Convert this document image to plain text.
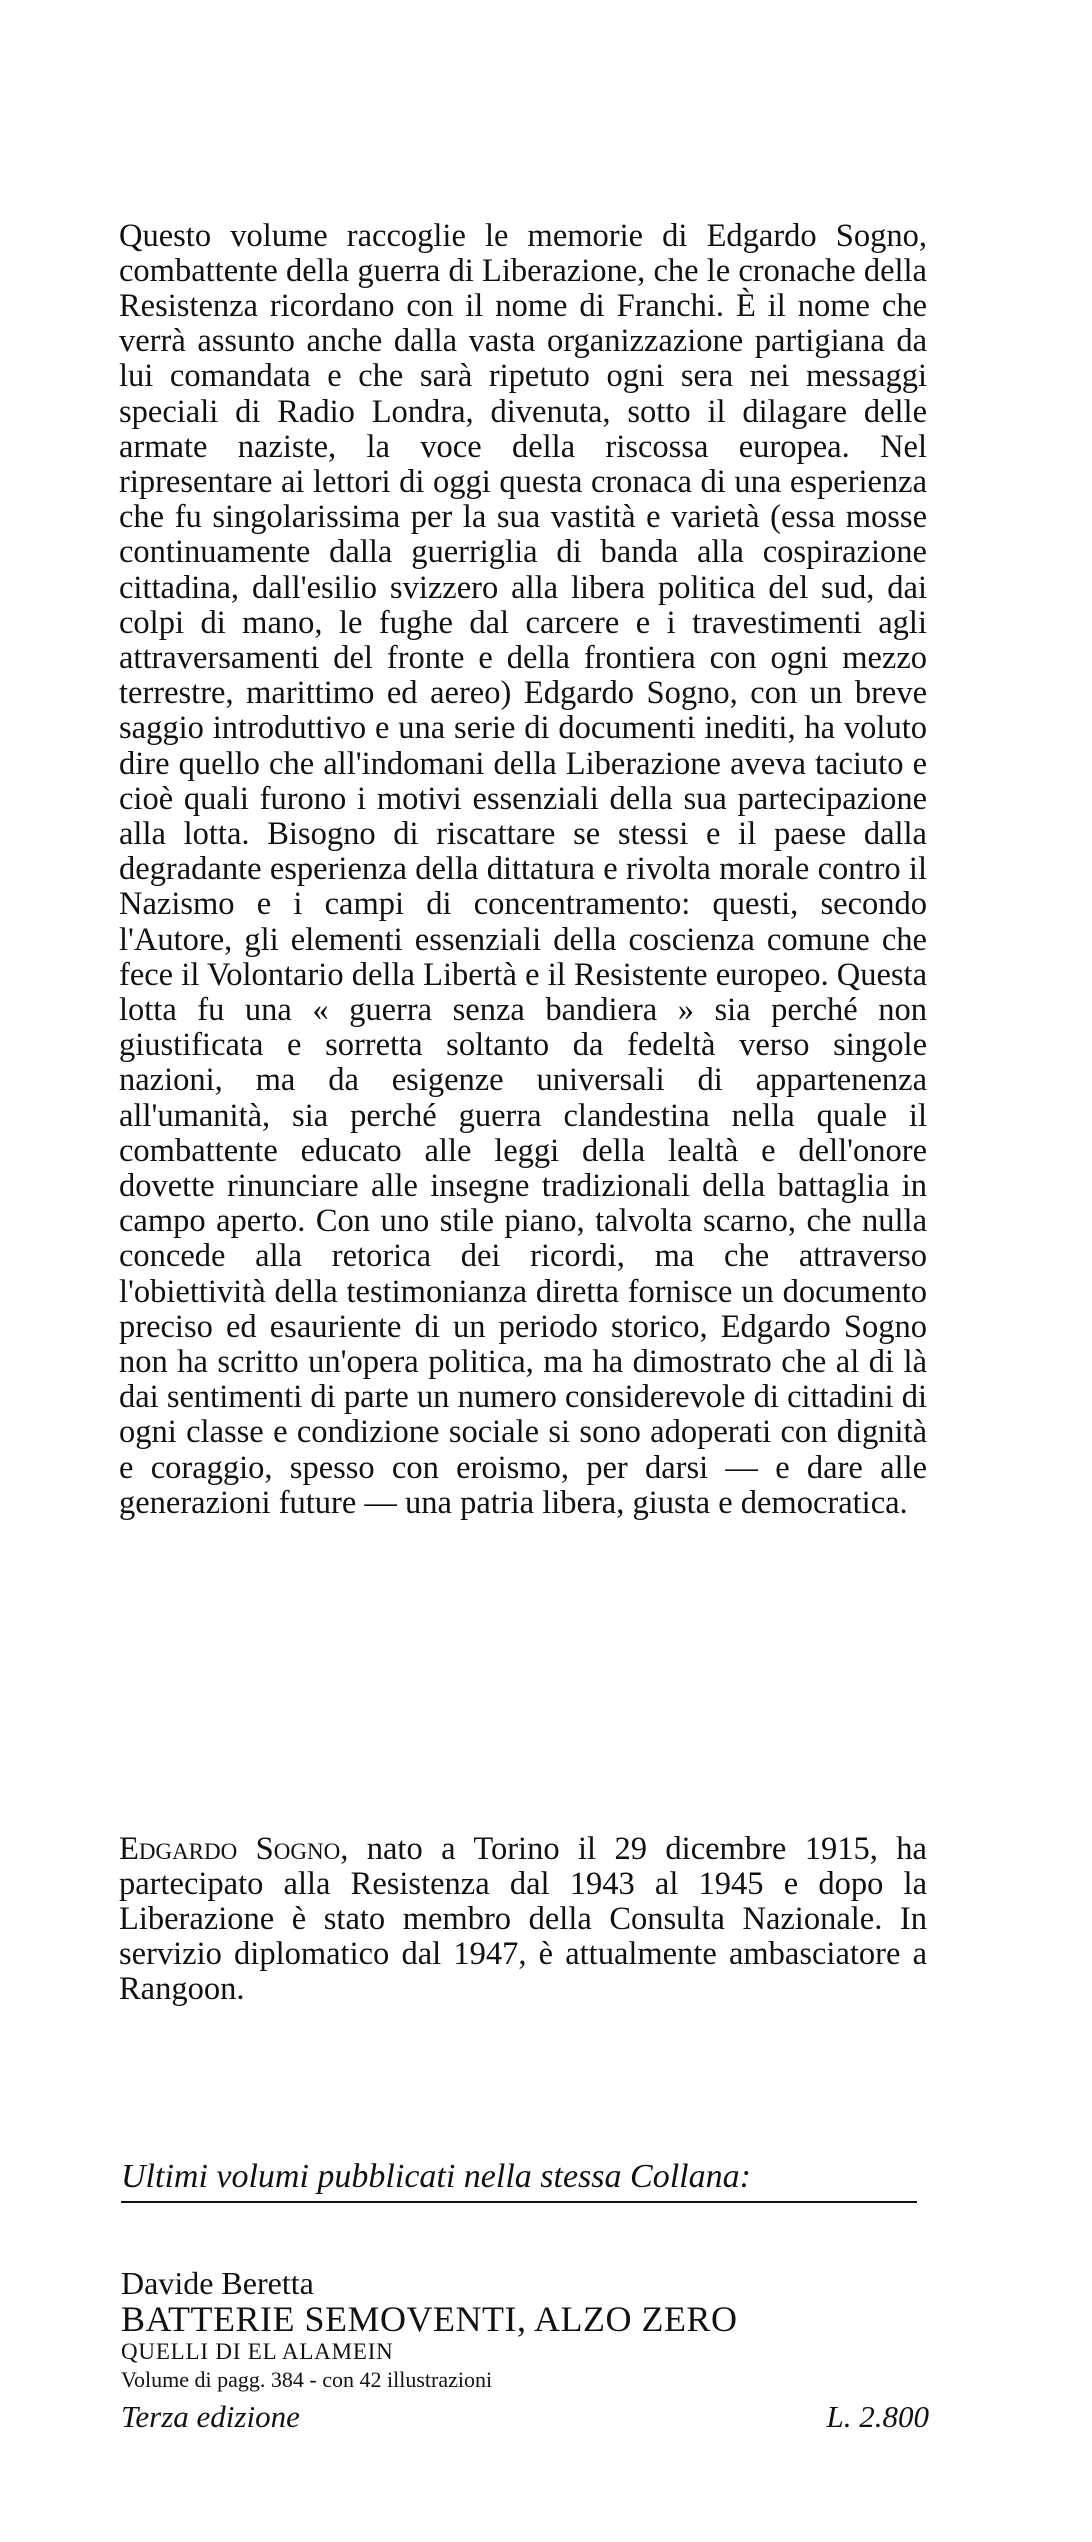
Questo volume raccoglie le memorie di Edgardo Sogno, combattente della guerra di Liberazione, che le cronache della Resistenza ricordano con il nome di Franchi. È il nome che verrà assunto anche dalla vasta organizzazione partigiana da lui comandata e che sarà ripetuto ogni sera nei messaggi speciali di Radio Londra, divenuta, sotto il dilagare delle armate naziste, la voce della riscossa europea. Nel ripresentare ai lettori di oggi questa cronaca di una esperienza che fu singolarissima per la sua vastità e varietà (essa mosse continuamente dalla guerriglia di banda alla cospirazione cittadina, dall'esilio svizzero alla libera politica del sud, dai colpi di mano, le fughe dal carcere e i travestimenti agli attraversamenti del fronte e della frontiera con ogni mezzo terrestre, marittimo ed aereo) Edgardo Sogno, con un breve saggio introduttivo e una serie di documenti inediti, ha voluto dire quello che all'indomani della Liberazione aveva taciuto e cioè quali furono i motivi essenziali della sua partecipazione alla lotta. Bisogno di riscattare se stessi e il paese dalla degradante esperienza della dittatura e rivolta morale contro il Nazismo e i campi di concentramento: questi, secondo l'Autore, gli elementi essenziali della coscienza comune che fece il Volontario della Libertà e il Resistente europeo. Questa lotta fu una « guerra senza bandiera » sia perché non giustificata e sorretta soltanto da fedeltà verso singole nazioni, ma da esigenze universali di appartenenza all'umanità, sia perché guerra clandestina nella quale il combattente educato alle leggi della lealtà e dell'onore dovette rinunciare alle insegne tradizionali della battaglia in campo aperto. Con uno stile piano, talvolta scarno, che nulla concede alla retorica dei ricordi, ma che attraverso l'obiettività della testimonianza diretta fornisce un documento preciso ed esauriente di un periodo storico, Edgardo Sogno non ha scritto un'opera politica, ma ha dimostrato che al di là dai sentimenti di parte un numero considerevole di cittadini di ogni classe e condizione sociale si sono adoperati con dignità e coraggio, spesso con eroismo, per darsi — e dare alle generazioni future — una patria libera, giusta e democratica.

Edgardo Sogno, nato a Torino il 29 dicembre 1915, ha partecipato alla Resistenza dal 1943 al 1945 e dopo la Liberazione è stato membro della Consulta Nazionale. In servizio diplomatico dal 1947, è attualmente ambasciatore a Rangoon.

Ultimi volumi pubblicati nella stessa Collana:
Davide Beretta
BATTERIE SEMOVENTI, ALZO ZERO
QUELLI DI EL ALAMEIN
Volume di pagg. 384 - con 42 illustrazioni
Terza edizione	L. 2.800
